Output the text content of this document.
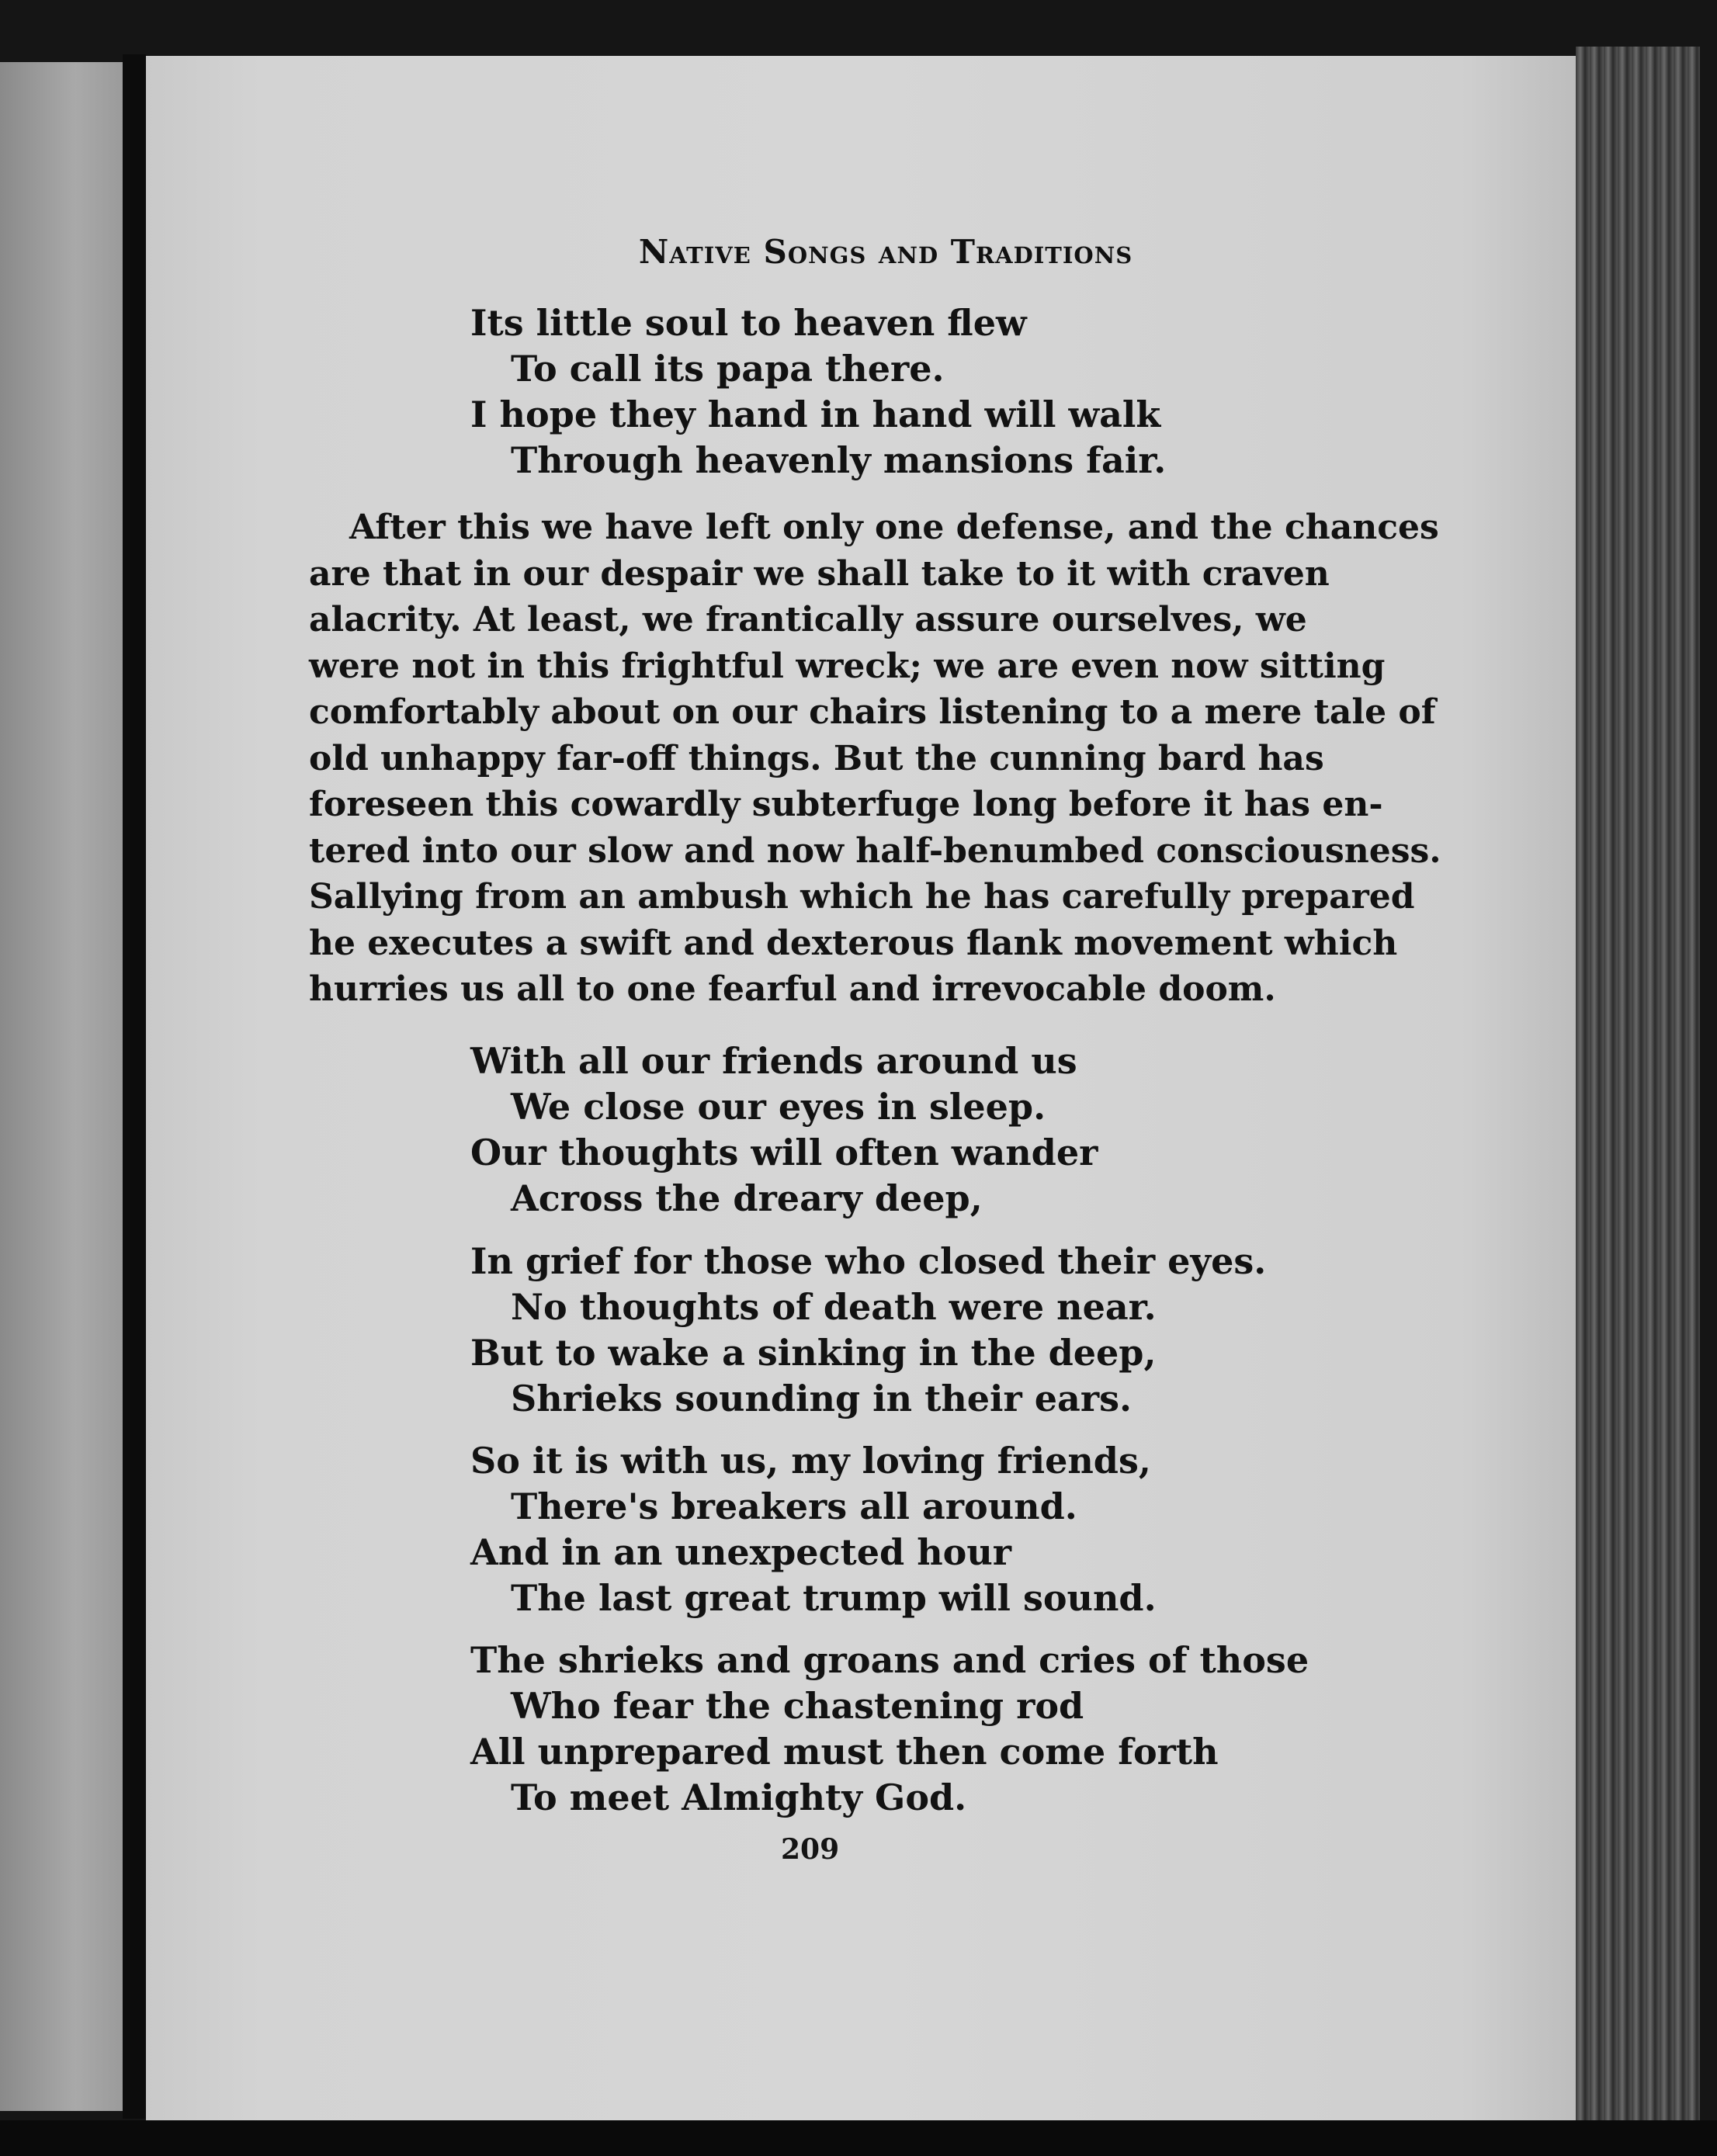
Native Songs and Traditions
Its little soul to heaven flew
To call its papa there.
I hope they hand in hand will walk
Through heavenly mansions fair.
After this we have left only one defense, and the chances
are that in our despair we shall take to it with craven
alacrity. At least, we frantically assure ourselves, we
were not in this frightful wreck; we are even now sitting
comfortably about on our chairs listening to a mere tale of
old unhappy far-off things. But the cunning bard has
foreseen this cowardly subterfuge long before it has en-
tered into our slow and now half-benumbed consciousness.
Sallying from an ambush which he has carefully prepared
he executes a swift and dexterous flank movement which
hurries us all to one fearful and irrevocable doom.
With all our friends around us
We close our eyes in sleep.
Our thoughts will often wander
Across the dreary deep,
In grief for those who closed their eyes.
No thoughts of death were near.
But to wake a sinking in the deep,
Shrieks sounding in their ears.
So it is with us, my loving friends,
There's breakers all around.
And in an unexpected hour
The last great trump will sound.
The shrieks and groans and cries of those
Who fear the chastening rod
All unprepared must then come forth
To meet Almighty God.
209
